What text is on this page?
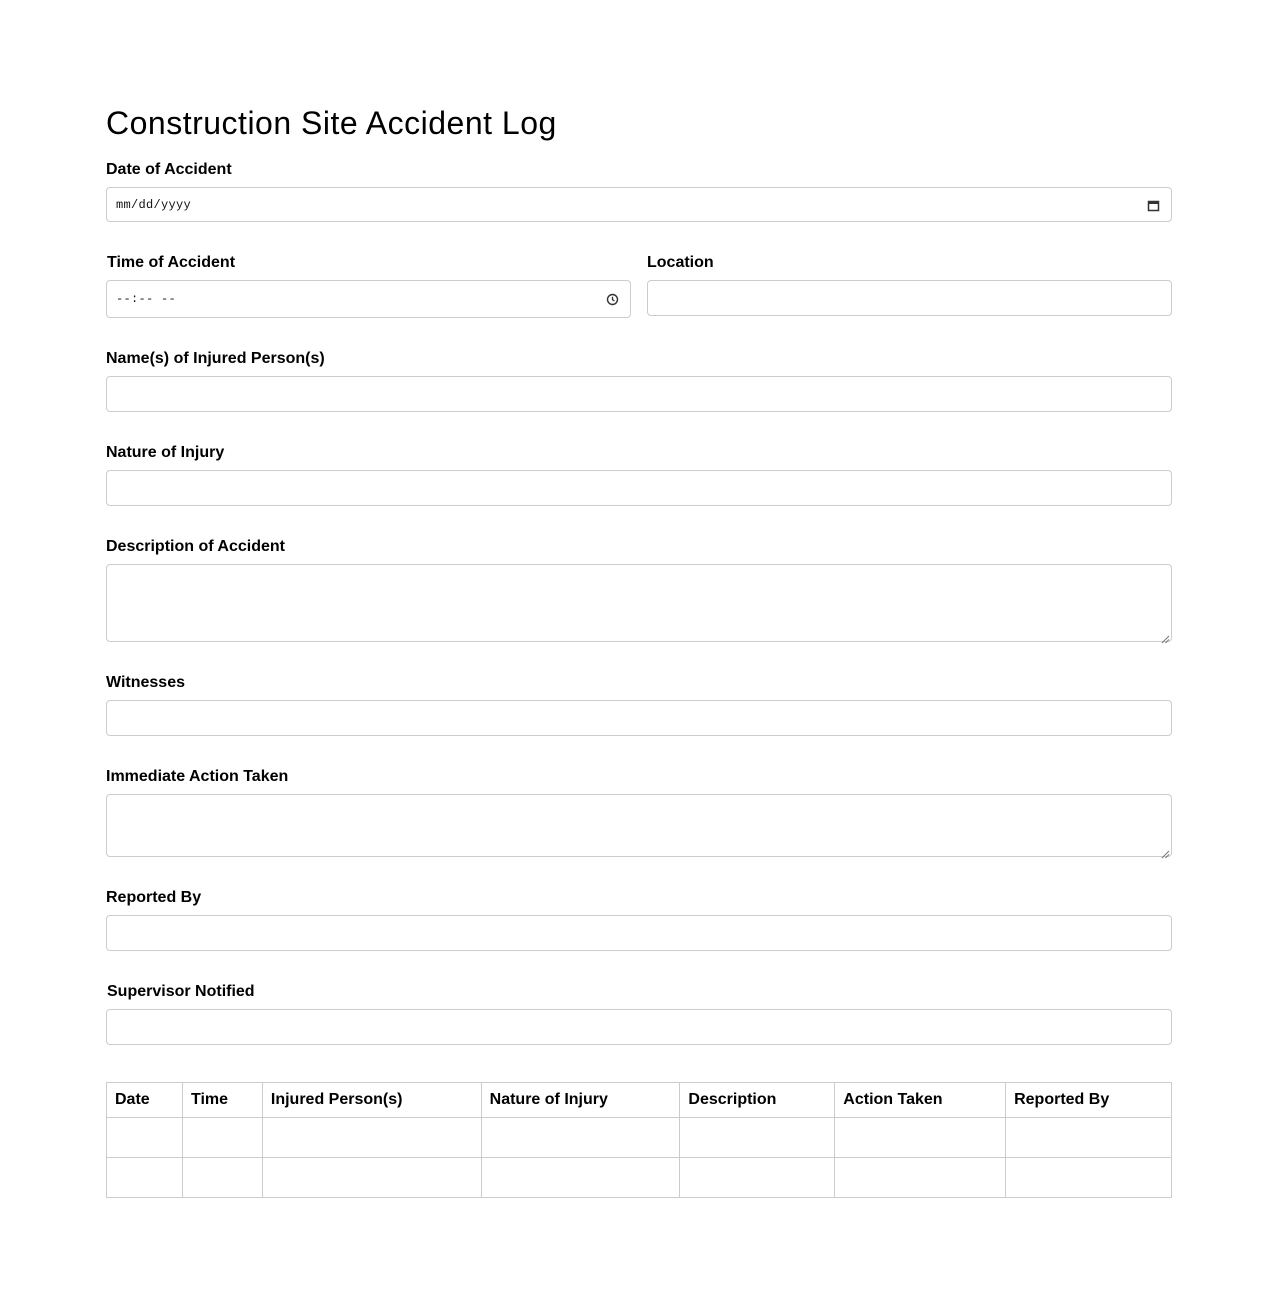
Construction Site Accident Log
Date of Accident
mm/dd/yyyy
Time of Accident
--:-- --
Location
Name(s) of Injured Person(s)
Nature of Injury
Description of Accident
Witnesses
Immediate Action Taken
Reported By
Supervisor Notified
Date	Time	Injured Person(s)	Nature of Injury	Description	Action Taken	Reported By
